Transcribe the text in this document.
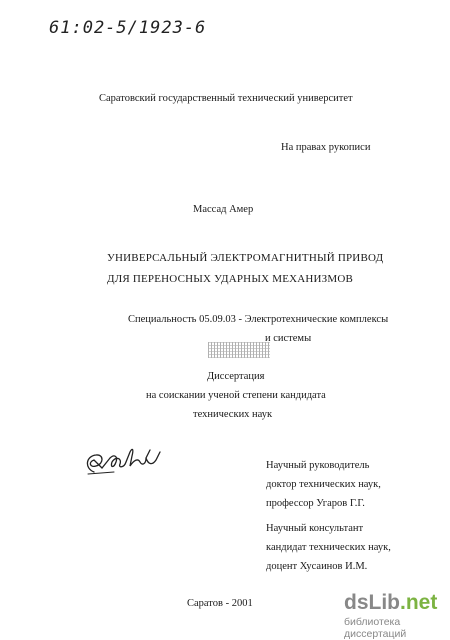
61:02-5/1923-6
Саратовский государственный технический университет
На правах рукописи
Массад Амер
УНИВЕРСАЛЬНЫЙ ЭЛЕКТРОМАГНИТНЫЙ ПРИВОД
ДЛЯ ПЕРЕНОСНЫХ УДАРНЫХ МЕХАНИЗМОВ
Специальность 05.09.03 - Электротехнические комплексы
и системы
Диссертация
на соискании ученой степени кандидата
технических наук
Научный руководитель
доктор технических наук,
профессор Угаров Г.Г.
Научный консультант
кандидат технических наук,
доцент Хусаинов И.М.
Саратов - 2001	dsLib.net
библиотека диссертаций
